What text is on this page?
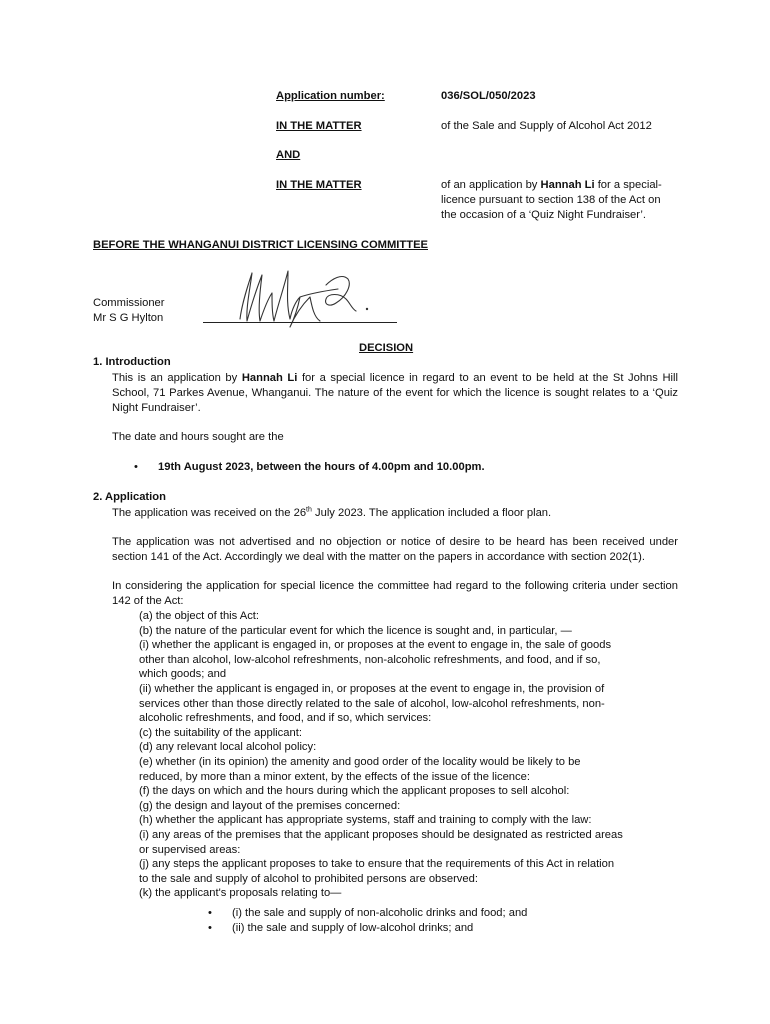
Application number:	036/SOL/050/2023
IN THE MATTER	of the Sale and Supply of Alcohol Act 2012
AND
IN THE MATTER	of an application by Hannah Li for a special-
licence pursuant to section 138 of the Act on
the occasion of a ‘Quiz Night Fundraiser’.
BEFORE THE WHANGANUI DISTRICT LICENSING COMMITTEE
Commissioner
Mr S G Hylton
DECISION
1. Introduction
This is an application by Hannah Li for a special licence in regard to an event to be held at the St Johns Hill School, 71 Parkes Avenue, Whanganui. The nature of the event for which the licence is sought relates to a ‘Quiz Night Fundraiser’.
The date and hours sought are the
• 19th August 2023, between the hours of 4.00pm and 10.00pm.
2. Application
The application was received on the 26th July 2023. The application included a floor plan.
The application was not advertised and no objection or notice of desire to be heard has been received under section 141 of the Act. Accordingly we deal with the matter on the papers in accordance with section 202(1).
In considering the application for special licence the committee had regard to the following criteria under section 142 of the Act:
(a) the object of this Act:
(b) the nature of the particular event for which the licence is sought and, in particular, —
(i) whether the applicant is engaged in, or proposes at the event to engage in, the sale of goods
other than alcohol, low-alcohol refreshments, non-alcoholic refreshments, and food, and if so,
which goods; and
(ii) whether the applicant is engaged in, or proposes at the event to engage in, the provision of
services other than those directly related to the sale of alcohol, low-alcohol refreshments, non-
alcoholic refreshments, and food, and if so, which services:
(c) the suitability of the applicant:
(d) any relevant local alcohol policy:
(e) whether (in its opinion) the amenity and good order of the locality would be likely to be
reduced, by more than a minor extent, by the effects of the issue of the licence:
(f) the days on which and the hours during which the applicant proposes to sell alcohol:
(g) the design and layout of the premises concerned:
(h) whether the applicant has appropriate systems, staff and training to comply with the law:
(i) any areas of the premises that the applicant proposes should be designated as restricted areas
or supervised areas:
(j) any steps the applicant proposes to take to ensure that the requirements of this Act in relation
to the sale and supply of alcohol to prohibited persons are observed:
(k) the applicant's proposals relating to—
• (i) the sale and supply of non-alcoholic drinks and food; and
• (ii) the sale and supply of low-alcohol drinks; and
